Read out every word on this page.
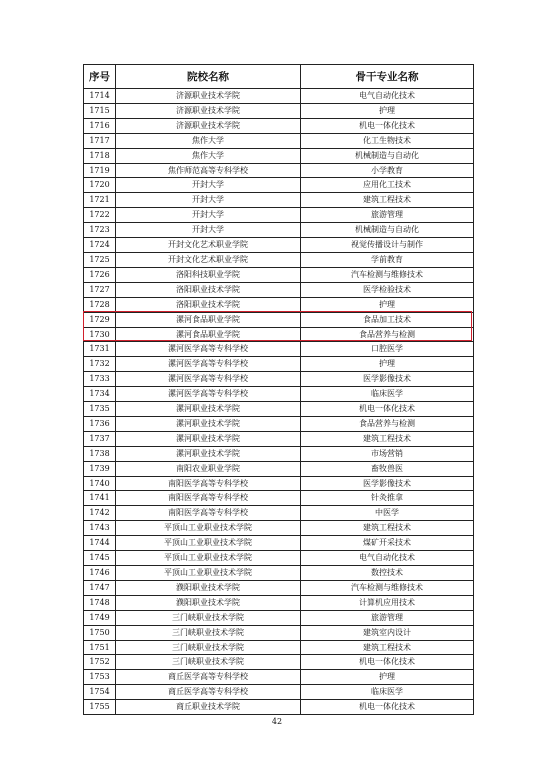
序号	院校名称	骨干专业名称
1714	济源职业技术学院	电气自动化技术
1715	济源职业技术学院	护理
1716	济源职业技术学院	机电一体化技术
1717	焦作大学	化工生物技术
1718	焦作大学	机械制造与自动化
1719	焦作师范高等专科学校	小学教育
1720	开封大学	应用化工技术
1721	开封大学	建筑工程技术
1722	开封大学	旅游管理
1723	开封大学	机械制造与自动化
1724	开封文化艺术职业学院	视觉传播设计与制作
1725	开封文化艺术职业学院	学前教育
1726	洛阳科技职业学院	汽车检测与维修技术
1727	洛阳职业技术学院	医学检验技术
1728	洛阳职业技术学院	护理
1729	漯河食品职业学院	食品加工技术
1730	漯河食品职业学院	食品营养与检测
1731	漯河医学高等专科学校	口腔医学
1732	漯河医学高等专科学校	护理
1733	漯河医学高等专科学校	医学影像技术
1734	漯河医学高等专科学校	临床医学
1735	漯河职业技术学院	机电一体化技术
1736	漯河职业技术学院	食品营养与检测
1737	漯河职业技术学院	建筑工程技术
1738	漯河职业技术学院	市场营销
1739	南阳农业职业学院	畜牧兽医
1740	南阳医学高等专科学校	医学影像技术
1741	南阳医学高等专科学校	针灸推拿
1742	南阳医学高等专科学校	中医学
1743	平顶山工业职业技术学院	建筑工程技术
1744	平顶山工业职业技术学院	煤矿开采技术
1745	平顶山工业职业技术学院	电气自动化技术
1746	平顶山工业职业技术学院	数控技术
1747	濮阳职业技术学院	汽车检测与维修技术
1748	濮阳职业技术学院	计算机应用技术
1749	三门峡职业技术学院	旅游管理
1750	三门峡职业技术学院	建筑室内设计
1751	三门峡职业技术学院	建筑工程技术
1752	三门峡职业技术学院	机电一体化技术
1753	商丘医学高等专科学校	护理
1754	商丘医学高等专科学校	临床医学
1755	商丘职业技术学院	机电一体化技术
42
